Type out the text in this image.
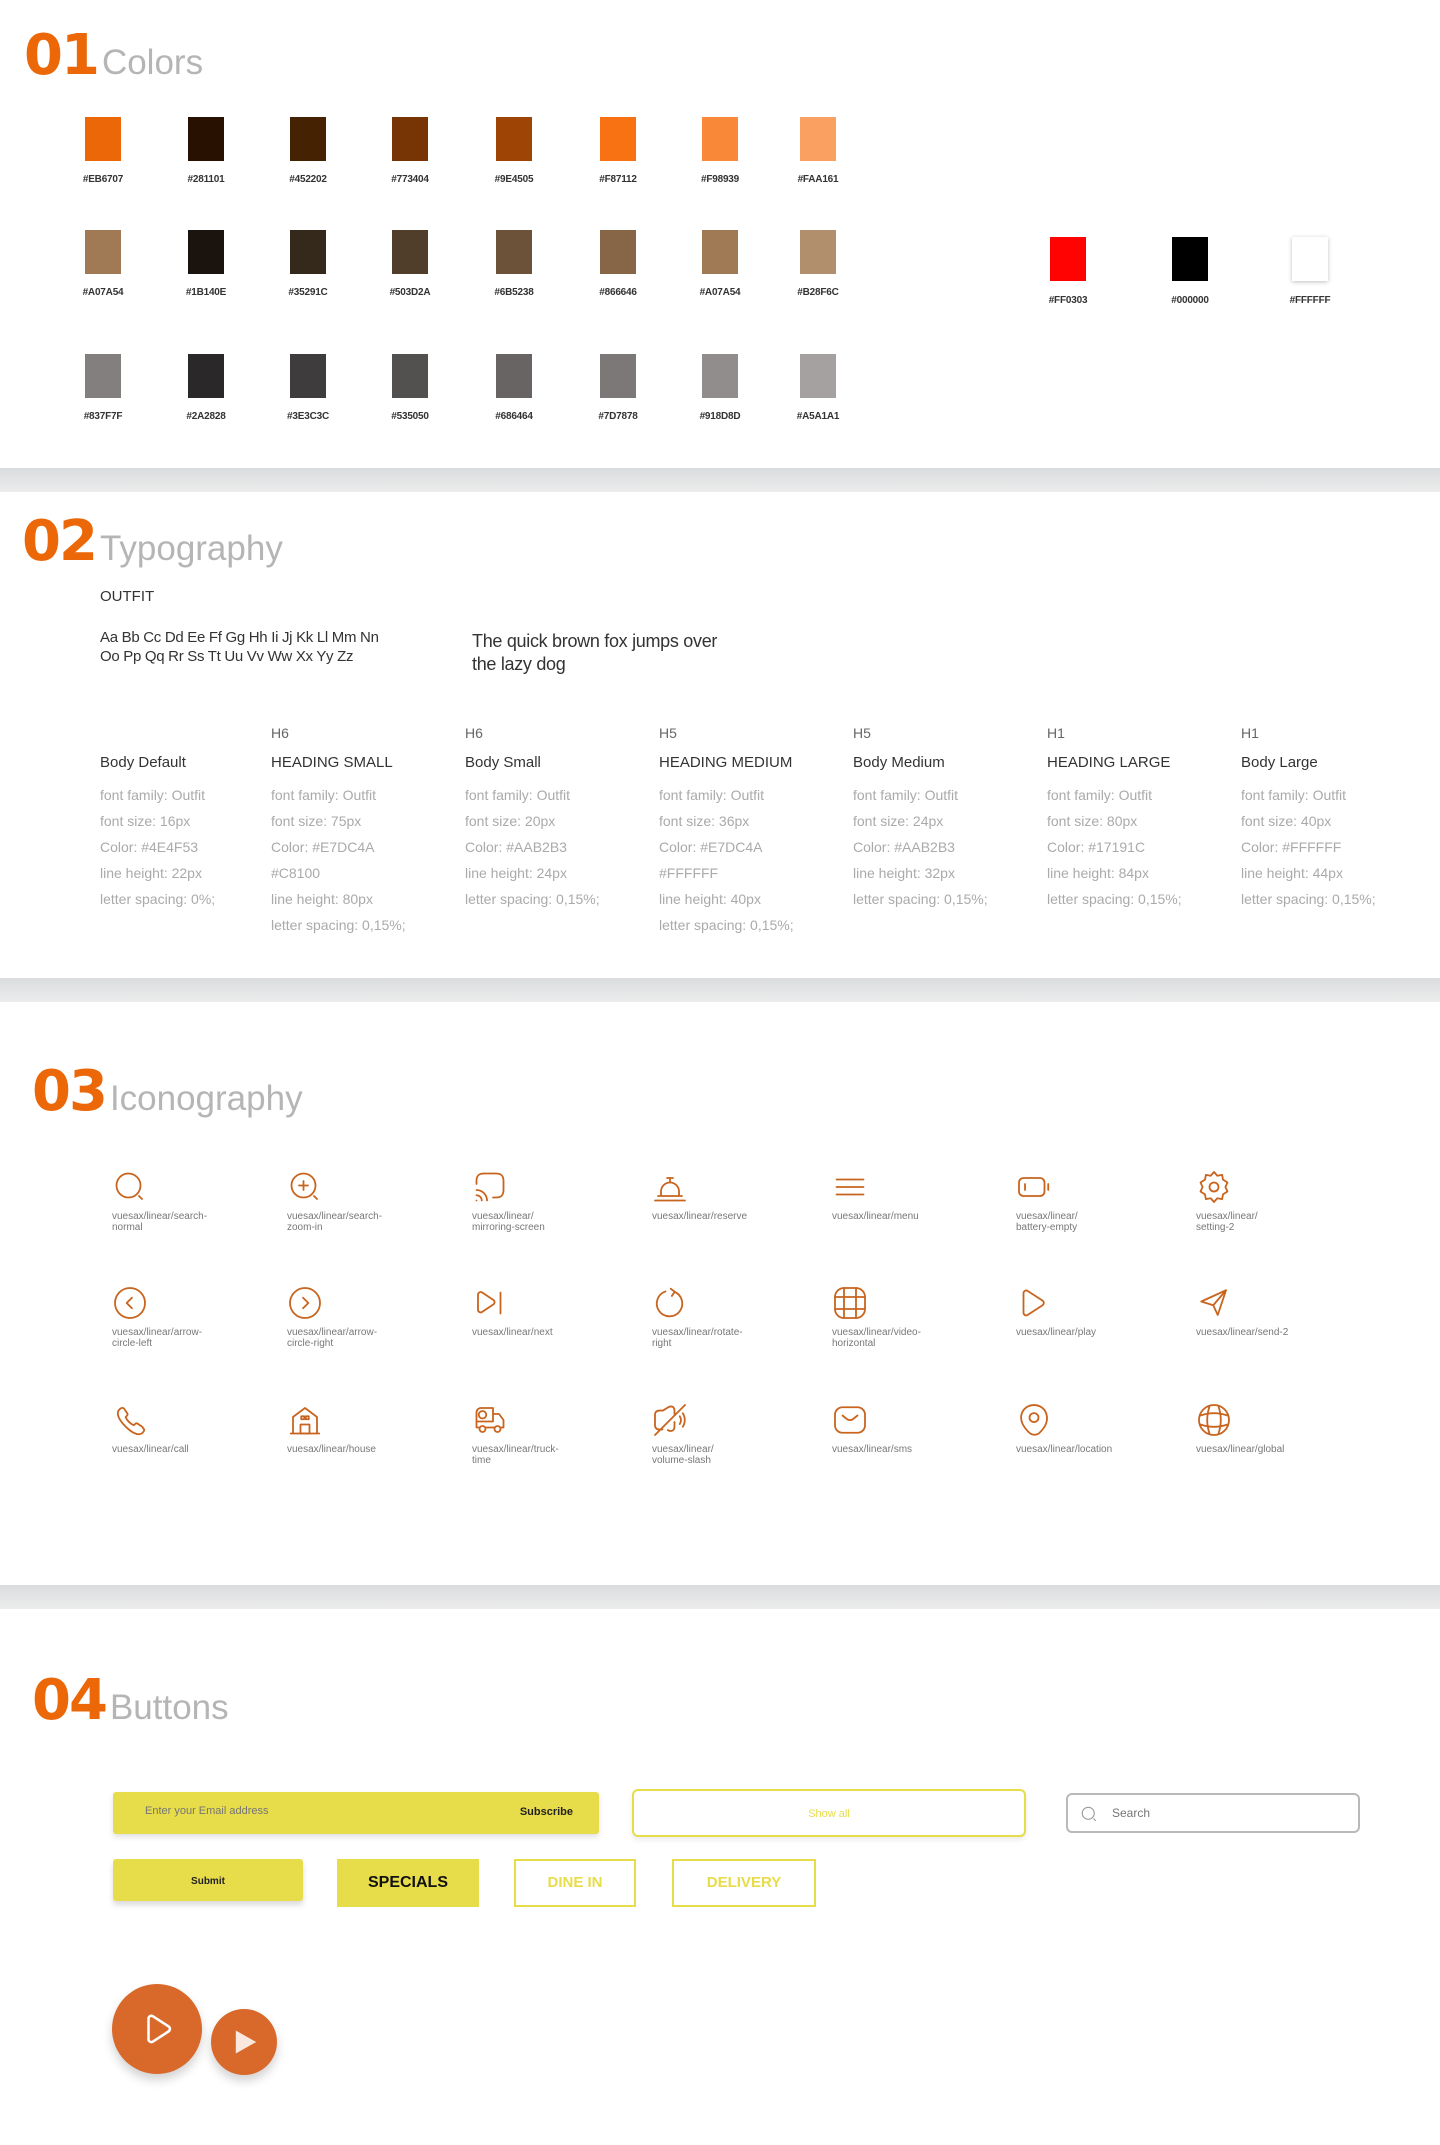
01 Colors
#EB6707	#281101	#452202	#773404	#9E4505	#F87112	#F98939	#FAA161
#A07A54	#1B140E	#35291C	#503D2A	#6B5238	#866646	#A07A54	#B28F6C
#837F7F	#2A2828	#3E3C3C	#535050	#686464	#7D7878	#918D8D	#A5A1A1
#FF0303	#000000	#FFFFFF
02 Typography
OUTFIT
Aa Bb Cc Dd Ee Ff Gg Hh Ii Jj Kk Ll Mm Nn
Oo Pp Qq Rr Ss Tt Uu Vv Ww Xx Yy Zz
The quick brown fox jumps over
the lazy dog
Body Default
font family: Outfit
font size: 16px
Color: #4E4F53
line height: 22px
letter spacing: 0%;
H6
HEADING SMALL
font family: Outfit
font size: 75px
Color: #E7DC4A
#C8100
line height: 80px
letter spacing: 0,15%;
H6
Body Small
font family: Outfit
font size: 20px
Color: #AAB2B3
line height: 24px
letter spacing: 0,15%;
H5
HEADING MEDIUM
font family: Outfit
font size: 36px
Color: #E7DC4A
#FFFFFF
line height: 40px
letter spacing: 0,15%;
H5
Body Medium
font family: Outfit
font size: 24px
Color: #AAB2B3
line height: 32px
letter spacing: 0,15%;
H1
HEADING LARGE
font family: Outfit
font size: 80px
Color: #17191C
line height: 84px
letter spacing: 0,15%;
H1
Body Large
font family: Outfit
font size: 40px
Color: #FFFFFF
line height: 44px
letter spacing: 0,15%;
03 Iconography
vuesax/linear/search-
normal
vuesax/linear/search-
zoom-in
vuesax/linear/
mirroring-screen
vuesax/linear/reserve	vuesax/linear/menu	vuesax/linear/
battery-empty
vuesax/linear/
setting-2
vuesax/linear/arrow-
circle-left
vuesax/linear/arrow-
circle-right
vuesax/linear/next	vuesax/linear/rotate-
right
vuesax/linear/video-
horizontal
vuesax/linear/play	vuesax/linear/send-2
vuesax/linear/call	vuesax/linear/house	vuesax/linear/truck-
time
vuesax/linear/
volume-slash
vuesax/linear/sms	vuesax/linear/location	vuesax/linear/global
04 Buttons
Enter your Email address
Subscribe	Show all
Search
Submit	SPECIALS	DINE IN	DELIVERY
